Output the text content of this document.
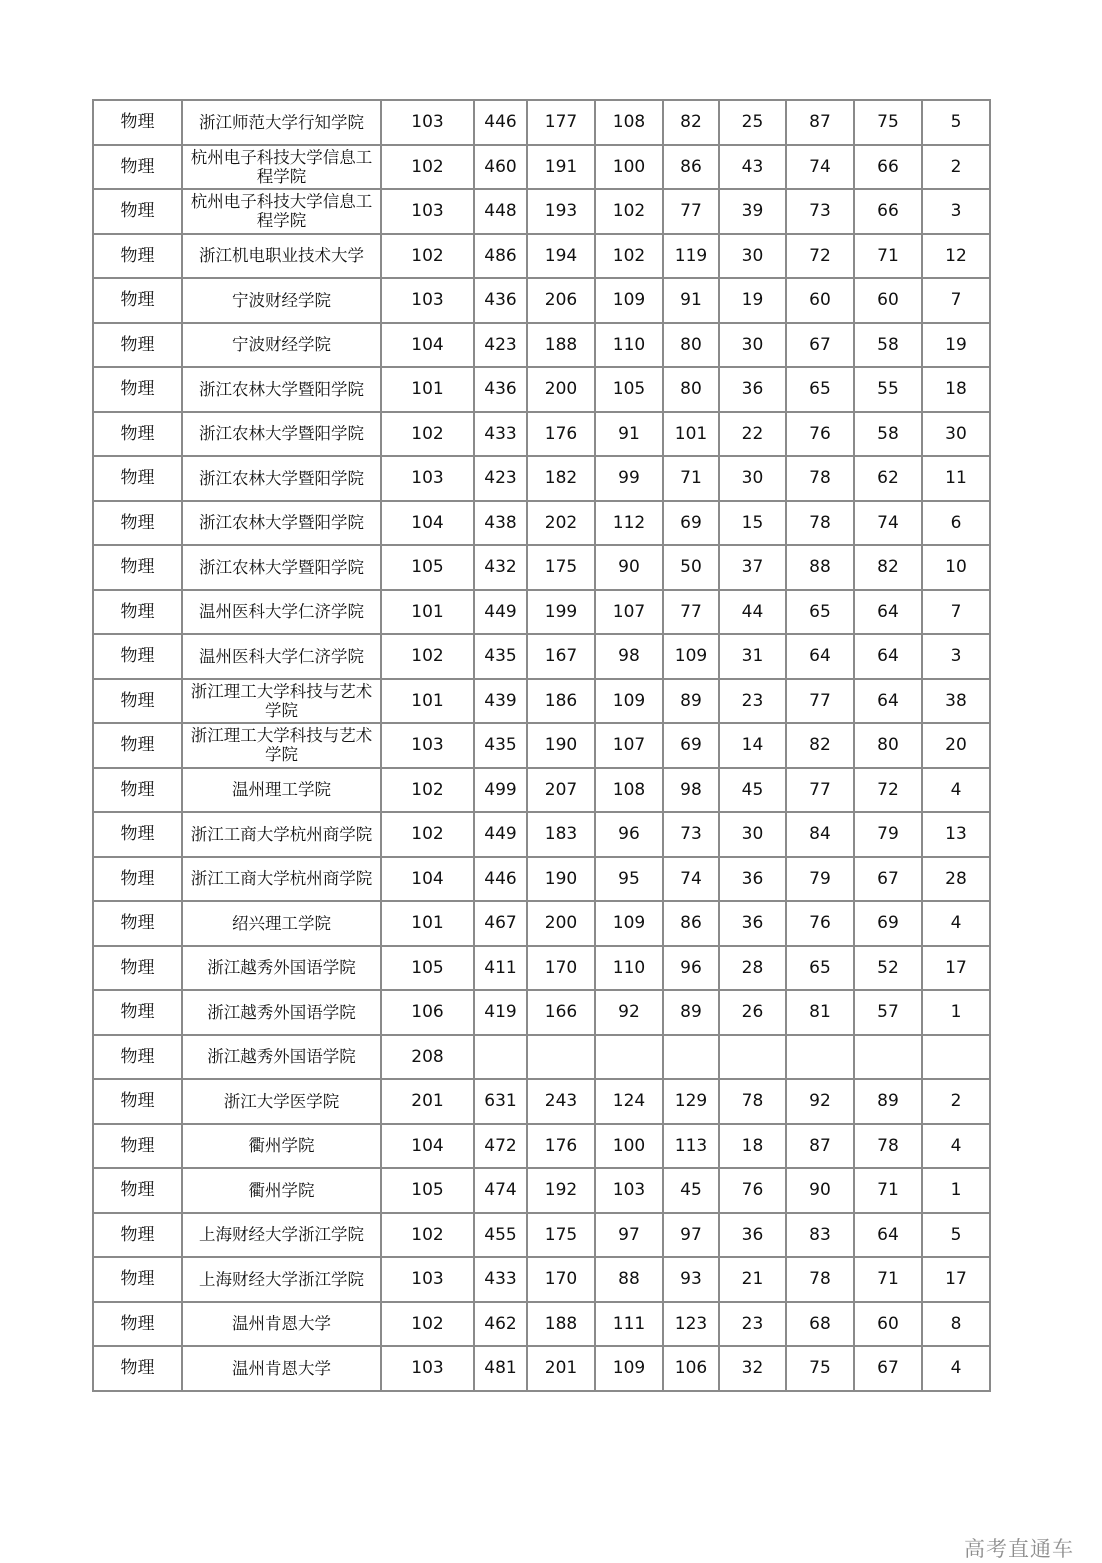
物理	浙江师范大学行知学院	103	446	177	108	82	25	87	75	5
物理	杭州电子科技大学信息工程学院	102	460	191	100	86	43	74	66	2
物理	杭州电子科技大学信息工程学院	103	448	193	102	77	39	73	66	3
物理	浙江机电职业技术大学	102	486	194	102	119	30	72	71	12
物理	宁波财经学院	103	436	206	109	91	19	60	60	7
物理	宁波财经学院	104	423	188	110	80	30	67	58	19
物理	浙江农林大学暨阳学院	101	436	200	105	80	36	65	55	18
物理	浙江农林大学暨阳学院	102	433	176	91	101	22	76	58	30
物理	浙江农林大学暨阳学院	103	423	182	99	71	30	78	62	11
物理	浙江农林大学暨阳学院	104	438	202	112	69	15	78	74	6
物理	浙江农林大学暨阳学院	105	432	175	90	50	37	88	82	10
物理	温州医科大学仁济学院	101	449	199	107	77	44	65	64	7
物理	温州医科大学仁济学院	102	435	167	98	109	31	64	64	3
物理	浙江理工大学科技与艺术学院	101	439	186	109	89	23	77	64	38
物理	浙江理工大学科技与艺术学院	103	435	190	107	69	14	82	80	20
物理	温州理工学院	102	499	207	108	98	45	77	72	4
物理	浙江工商大学杭州商学院	102	449	183	96	73	30	84	79	13
物理	浙江工商大学杭州商学院	104	446	190	95	74	36	79	67	28
物理	绍兴理工学院	101	467	200	109	86	36	76	69	4
物理	浙江越秀外国语学院	105	411	170	110	96	28	65	52	17
物理	浙江越秀外国语学院	106	419	166	92	89	26	81	57	1
物理	浙江越秀外国语学院	208								
物理	浙江大学医学院	201	631	243	124	129	78	92	89	2
物理	衢州学院	104	472	176	100	113	18	87	78	4
物理	衢州学院	105	474	192	103	45	76	90	71	1
物理	上海财经大学浙江学院	102	455	175	97	97	36	83	64	5
物理	上海财经大学浙江学院	103	433	170	88	93	21	78	71	17
物理	温州肯恩大学	102	462	188	111	123	23	68	60	8
物理	温州肯恩大学	103	481	201	109	106	32	75	67	4
高考直通车
